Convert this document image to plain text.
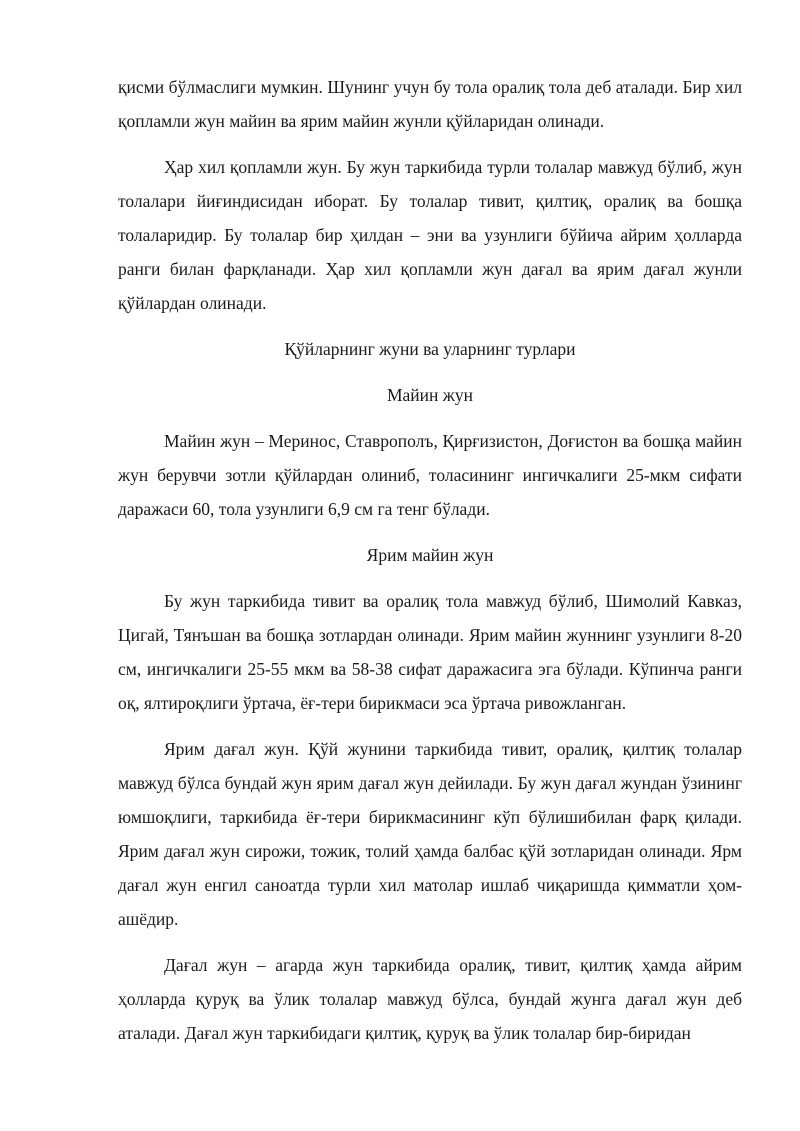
қисми бўлмаслиги мумкин. Шунинг учун бу тола оралиқ тола деб аталади. Бир хил қопламли жун майин ва ярим майин жунли қўйларидан олинади.

Ҳар хил қопламли жун. Бу жун таркибида турли толалар мавжуд бўлиб, жун толалари йиғиндисидан иборат. Бу толалар тивит, қилтиқ, оралиқ ва бошқа толаларидир. Бу толалар бир ҳилдан – эни ва узунлиги бўйича айрим ҳолларда ранги билан фарқланади. Ҳар хил қопламли жун дағал ва ярим дағал жунли қўйлардан олинади.

Қўйларнинг жуни ва уларнинг турлари
Майин жун

Майин жун – Меринос, Ставрополъ, Қирғизистон, Доғистон ва бошқа майин жун берувчи зотли қўйлардан олиниб, толасининг ингичкалиги 25-мкм сифати даражаси 60, тола узунлиги 6,9 см га тенг бўлади.

Ярим майин жун

Бу жун таркибида тивит ва оралиқ тола мавжуд бўлиб, Шимолий Кавказ, Цигай, Тянъшан ва бошқа зотлардан олинади. Ярим майин жуннинг узунлиги 8-20 см, ингичкалиги 25-55 мкм ва 58-38 сифат даражасига эга бўлади. Кўпинча ранги оқ, ялтироқлиги ўртача, ёғ-тери бирикмаси эса ўртача ривожланган.

Ярим дағал жун. Қўй жунини таркибида тивит, оралиқ, қилтиқ толалар мавжуд бўлса бундай жун ярим дағал жун дейилади. Бу жун дағал жундан ўзининг юмшоқлиги, таркибида ёғ-тери бирикмасининг кўп бўлишибилан фарқ қилади. Ярим дағал жун сирожи, тожик, толий ҳамда балбас қўй зотларидан олинади. Ярм дағал жун енгил саноатда турли хил матолар ишлаб чиқаришда қимматли ҳом-ашёдир.

Дағал жун – агарда жун таркибида оралиқ, тивит, қилтиқ ҳамда айрим ҳолларда қуруқ ва ўлик толалар мавжуд бўлса, бундай жунга дағал жун деб аталади. Дағал жун таркибидаги қилтиқ, қуруқ ва ўлик толалар бир-биридан
